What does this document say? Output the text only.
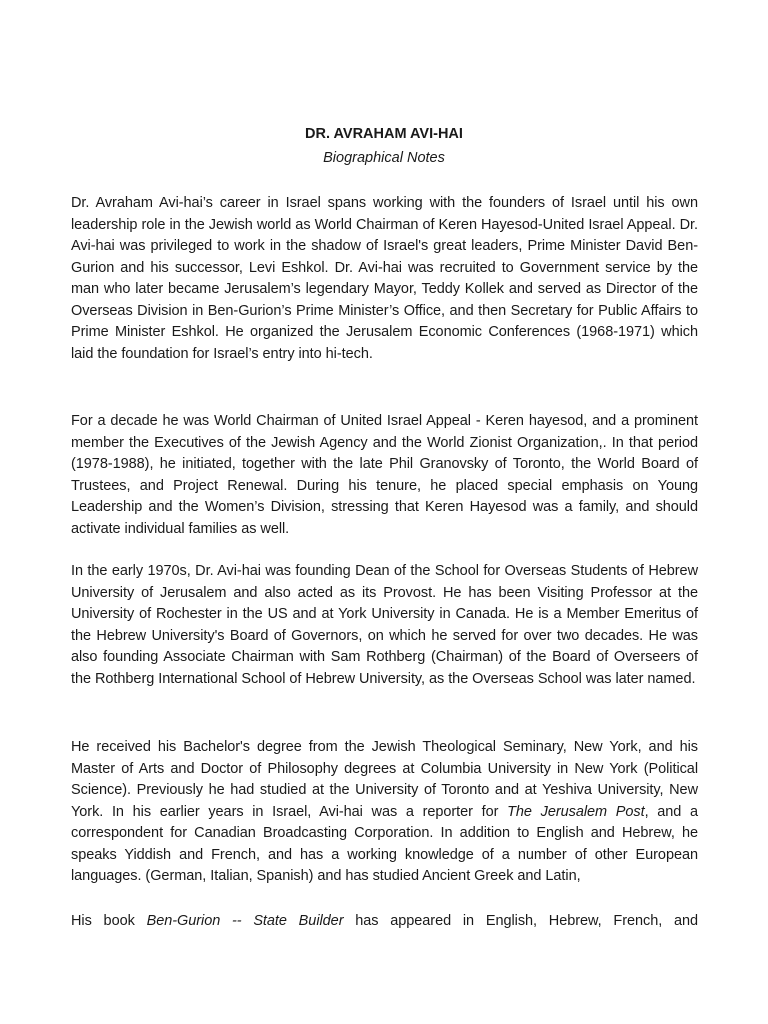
DR. AVRAHAM AVI-HAI

Biographical Notes

Dr. Avraham Avi-hai’s career in Israel spans working with the founders of Israel until his own leadership role in the Jewish world as World Chairman of Keren Hayesod-United Israel Appeal. Dr. Avi-hai was privileged to work in the shadow of Israel's great leaders, Prime Minister David Ben-Gurion and his successor, Levi Eshkol. Dr. Avi-hai was recruited to Government service by the man who later became Jerusalem’s legendary Mayor, Teddy Kollek and served as Director of the Overseas Division in Ben-Gurion’s Prime Minister’s Office, and then Secretary for Public Affairs to Prime Minister Eshkol. He organized the Jerusalem Economic Conferences (1968-1971) which laid the foundation for Israel’s entry into hi-tech.

For a decade he was World Chairman of United Israel Appeal - Keren hayesod, and a prominent member the Executives of the Jewish Agency and the World Zionist Organization,. In that period (1978-1988), he initiated, together with the late Phil Granovsky of Toronto, the World Board of Trustees, and Project Renewal. During his tenure, he placed special emphasis on Young Leadership and the Women’s Division, stressing that Keren Hayesod was a family, and should activate individual families as well.

In the early 1970s, Dr. Avi-hai was founding Dean of the School for Overseas Students of Hebrew University of Jerusalem and also acted as its Provost. He has been Visiting Professor at the University of Rochester in the US and at York University in Canada. He is a Member Emeritus of the Hebrew University's Board of Governors, on which he served for over two decades. He was also founding Associate Chairman with Sam Rothberg (Chairman) of the Board of Overseers of the Rothberg International School of Hebrew University, as the Overseas School was later named.

He received his Bachelor's degree from the Jewish Theological Seminary, New York, and his Master of Arts and Doctor of Philosophy degrees at Columbia University in New York (Political Science). Previously he had studied at the University of Toronto and at Yeshiva University, New York. In his earlier years in Israel, Avi-hai was a reporter for The Jerusalem Post, and a correspondent for Canadian Broadcasting Corporation. In addition to English and Hebrew, he speaks Yiddish and French, and has a working knowledge of a number of other European languages. (German, Italian, Spanish) and has studied Ancient Greek and Latin,

His book Ben-Gurion -- State Builder has appeared in English, Hebrew, French, and
